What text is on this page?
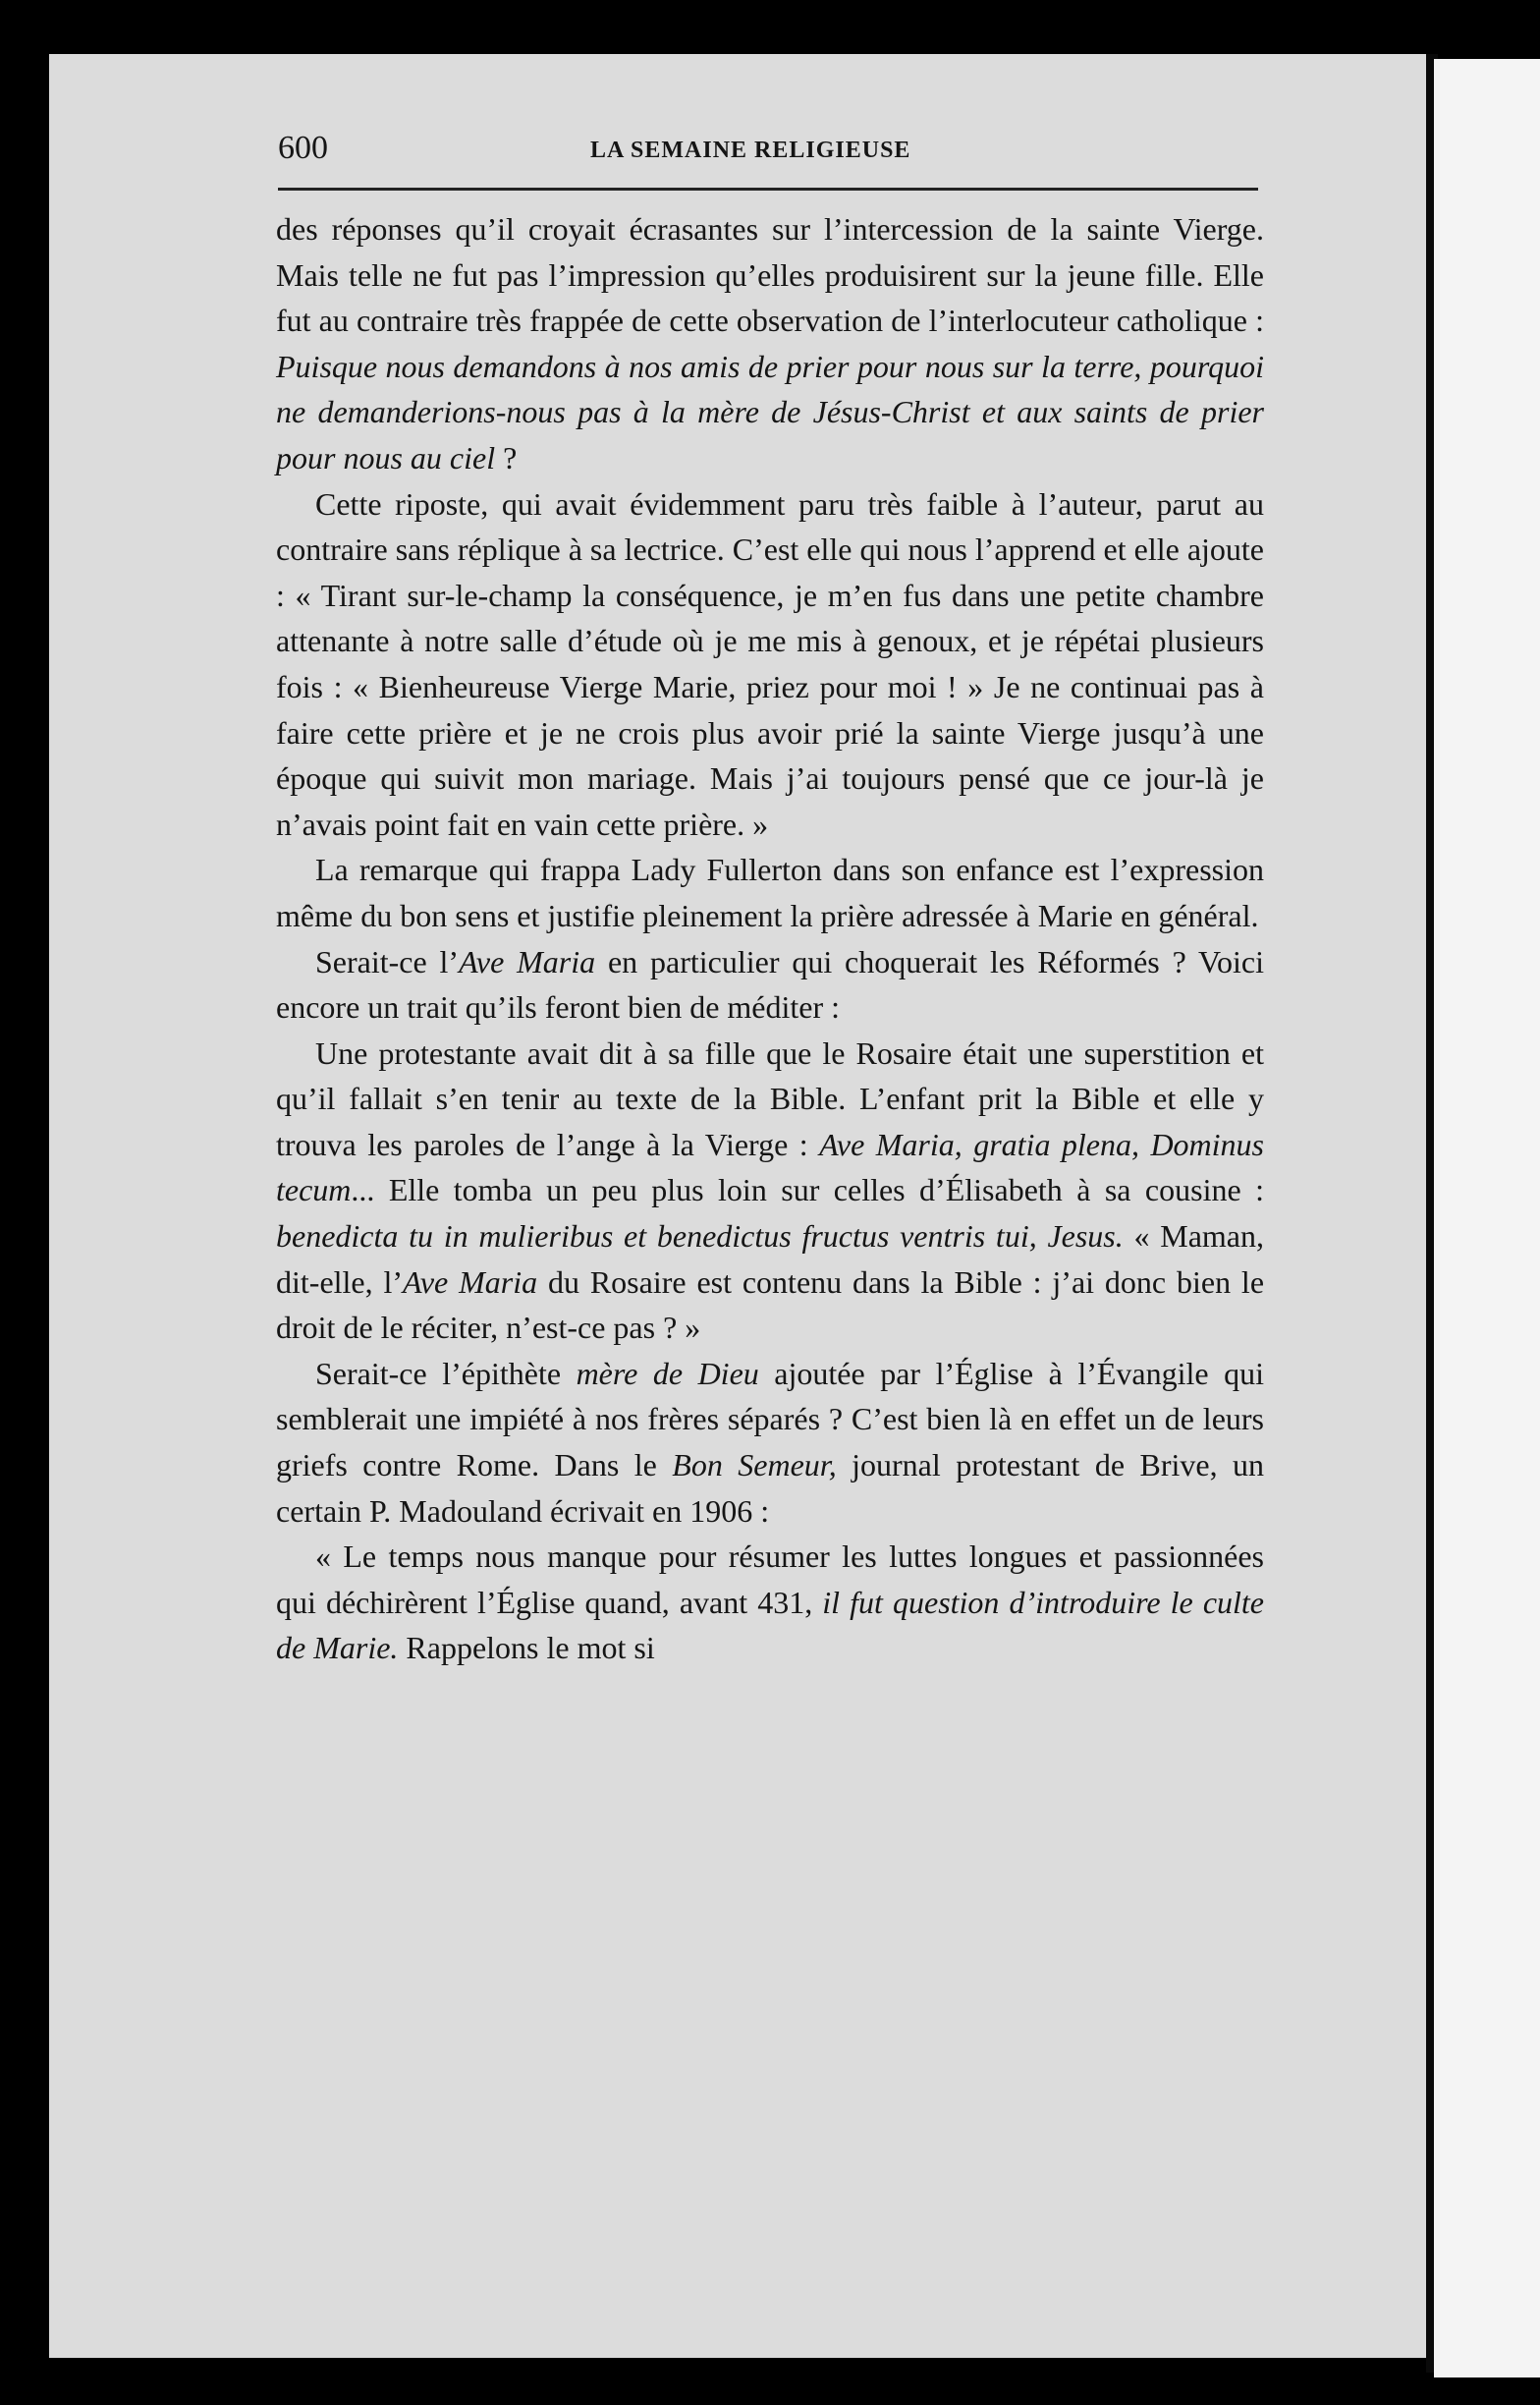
600	LA SEMAINE RELIGIEUSE

des réponses qu’il croyait écrasantes sur l’intercession de la sainte Vierge. Mais telle ne fut pas l’impression qu’elles produisirent sur la jeune fille. Elle fut au contraire très frappée de cette observation de l’interlocuteur catholique : Puisque nous demandons à nos amis de prier pour nous sur la terre, pourquoi ne demanderions-nous pas à la mère de Jésus-Christ et aux saints de prier pour nous au ciel ?

Cette riposte, qui avait évidemment paru très faible à l’auteur, parut au contraire sans réplique à sa lectrice. C’est elle qui nous l’apprend et elle ajoute : « Tirant sur-le-champ la conséquence, je m’en fus dans une petite chambre attenante à notre salle d’étude où je me mis à genoux, et je répétai plusieurs fois : « Bienheureuse Vierge Marie, priez pour moi ! » Je ne continuai pas à faire cette prière et je ne crois plus avoir prié la sainte Vierge jusqu’à une époque qui suivit mon mariage. Mais j’ai toujours pensé que ce jour-là je n’avais point fait en vain cette prière. »

La remarque qui frappa Lady Fullerton dans son enfance est l’expression même du bon sens et justifie pleinement la prière adressée à Marie en général.

Serait-ce l’Ave Maria en particulier qui choquerait les Réformés ? Voici encore un trait qu’ils feront bien de méditer :

Une protestante avait dit à sa fille que le Rosaire était une superstition et qu’il fallait s’en tenir au texte de la Bible. L’enfant prit la Bible et elle y trouva les paroles de l’ange à la Vierge : Ave Maria, gratia plena, Dominus tecum... Elle tomba un peu plus loin sur celles d’Élisabeth à sa cousine : benedicta tu in mulieribus et benedictus fructus ventris tui, Jesus. « Maman, dit-elle, l’Ave Maria du Rosaire est contenu dans la Bible : j’ai donc bien le droit de le réciter, n’est-ce pas ? »

Serait-ce l’épithète mère de Dieu ajoutée par l’Église à l’Évangile qui semblerait une impiété à nos frères séparés ? C’est bien là en effet un de leurs griefs contre Rome. Dans le Bon Semeur, journal protestant de Brive, un certain P. Madouland écrivait en 1906 :

« Le temps nous manque pour résumer les luttes longues et passionnées qui déchirèrent l’Église quand, avant 431, il fut question d’introduire le culte de Marie. Rappelons le mot si
